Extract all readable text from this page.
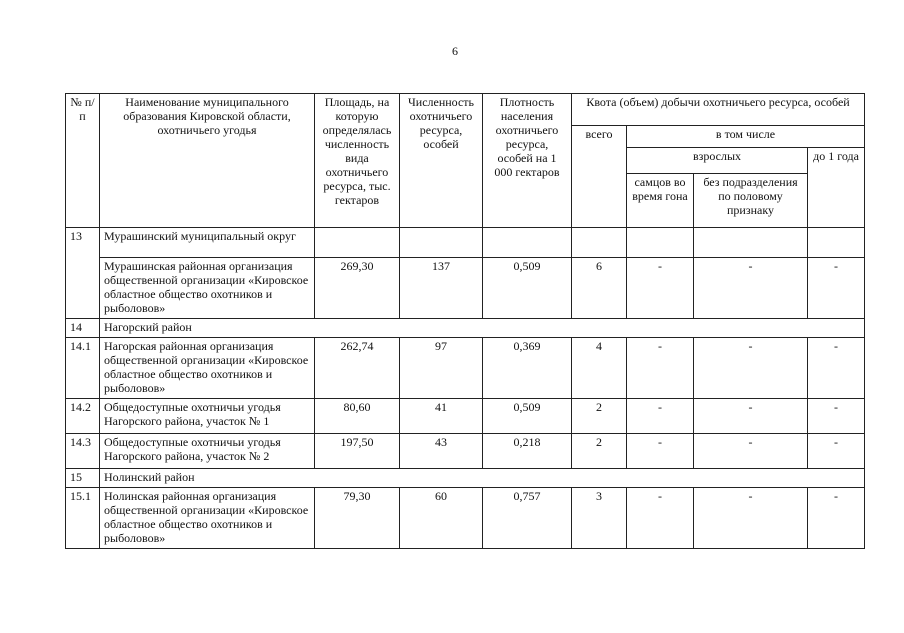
6
№ п/п	Наименование муниципального образования Кировской области, охотничьего угодья	Площадь, на которую определялась численность вида охотничьего ресурса, тыс. гектаров	Численность охотничьего ресурса, особей	Плотность населения охотничьего ресурса, особей на 1 000 гектаров	Квота (объем) добычи охотничьего ресурса, особей			
					всего	в том числе		
						взрослых		до 1 года
						самцов во время гона	без подразделения по половому признаку	
13	Мурашинский муниципальный округ							
	Мурашинская районная организация общественной организации «Кировское областное общество охотников и рыболовов»	269,30	137	0,509	6	-	-	-
14	Нагорский район							
14.1	Нагорская районная организация общественной организации «Кировское областное общество охотников и рыболовов»	262,74	97	0,369	4	-	-	-
14.2	Общедоступные охотничьи угодья Нагорского района, участок № 1	80,60	41	0,509	2	-	-	-
14.3	Общедоступные охотничьи угодья Нагорского района, участок № 2	197,50	43	0,218	2	-	-	-
15	Нолинский район							
15.1	Нолинская районная организация общественной организации «Кировское областное общество охотников и рыболовов»	79,30	60	0,757	3	-	-	-
